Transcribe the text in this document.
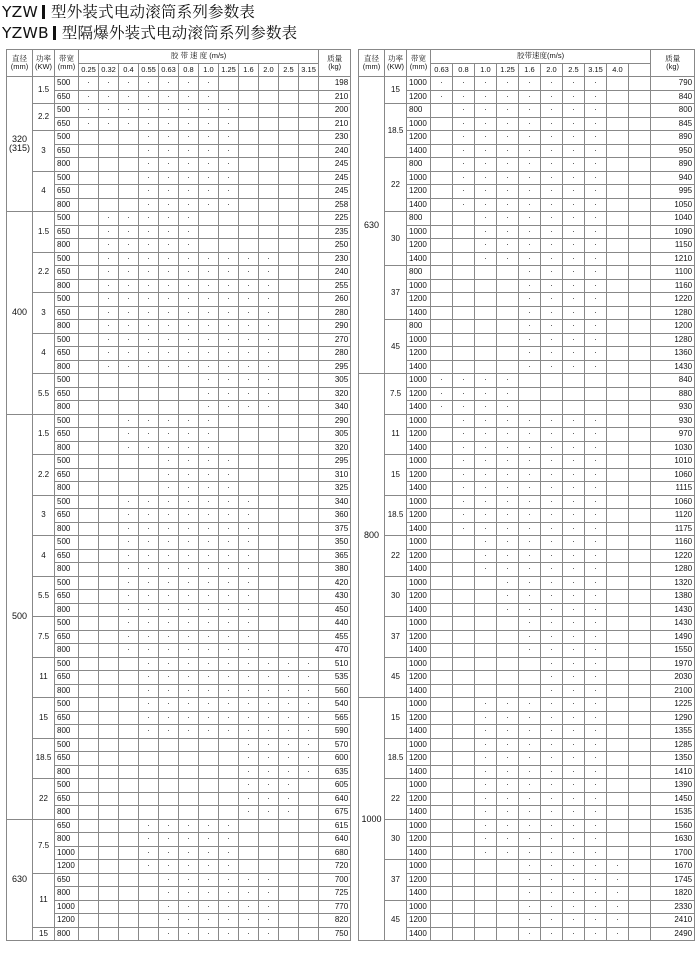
YZW 型外装式电动滚筒系列参数表
YZWB 型隔爆外装式电动滚筒系列参数表
直径
(mm)	功率
(KW)	带宽
(mm)	胶 带 速 度 (m/s)												质量
(kg)
			0.25	0.32	0.4	0.55	0.63	0.8	1.0	1.25	1.6	2.0	2.5	3.15	
320
(315)	1.5	500	·	·	·	·	·	·	·						198
		650	·	·	·	·	·	·	·						210
	2.2	500	·	·	·	·	·	·	·	·					200
		650	·	·	·	·	·	·	·	·					210
	3	500				·	·	·	·	·					230
		650				·	·	·	·	·					240
		800				·	·	·	·	·					245
	4	500				·	·	·	·	·					245
		650				·	·	·	·	·					245
		800				·	·	·	·	·					258
400	1.5	500		·	·	·	·	·							225
		650		·	·	·	·	·							235
		800		·	·	·	·	·							250
	2.2	500		·	·	·	·	·	·	·	·	·			230
		650		·	·	·	·	·	·	·	·	·			240
		800		·	·	·	·	·	·	·	·	·			255
	3	500		·	·	·	·	·	·	·	·	·			260
		650		·	·	·	·	·	·	·	·	·			280
		800		·	·	·	·	·	·	·	·	·			290
	4	500		·	·	·	·	·	·	·	·	·			270
		650		·	·	·	·	·	·	·	·	·			280
		800		·	·	·	·	·	·	·	·	·			295
	5.5	500							·	·	·	·			305
		650							·	·	·	·			320
		800							·	·	·	·			340
500	1.5	500			·	·	·	·	·						290
		650			·	·	·	·	·						305
		800			·	·	·	·	·						320
	2.2	500					·	·	·	·					295
		650					·	·	·	·					310
		800					·	·	·	·					325
	3	500			·	·	·	·	·	·	·				340
		650			·	·	·	·	·	·	·				360
		800			·	·	·	·	·	·	·				375
	4	500			·	·	·	·	·	·	·				350
		650			·	·	·	·	·	·	·				365
		800			·	·	·	·	·	·	·				380
	5.5	500			·	·	·	·	·	·	·				420
		650			·	·	·	·	·	·	·				430
		800			·	·	·	·	·	·	·				450
	7.5	500			·	·	·	·	·	·	·				440
		650			·	·	·	·	·	·	·				455
		800			·	·	·	·	·	·	·				470
	11	500				·	·	·	·	·	·	·	·	·	510
		650				·	·	·	·	·	·	·	·	·	535
		800				·	·	·	·	·	·	·	·	·	560
	15	500				·	·	·	·	·	·	·	·	·	540
		650				·	·	·	·	·	·	·	·	·	565
		800				·	·	·	·	·	·	·	·	·	590
	18.5	500									·	·	·	·	570
		650									·	·	·	·	600
		800									·	·	·	·	635
	22	500									·	·	·		605
		650									·	·	·		640
		800									·	·	·		675
630	7.5	650				·	·	·	·	·					615
		800				·	·	·	·	·					640
		1000				·	·	·	·	·					680
		1200				·	·	·	·	·					720
	11	650					·	·	·	·	·	·			700
		800					·	·	·	·	·	·			725
		1000					·	·	·	·	·	·			770
		1200					·	·	·	·	·	·			820
	15	800					·	·	·	·	·	·			750
直径
(mm)	功率
(KW)	带宽
(mm)	胶带速度(m/s)										质量
(kg)
			0.63	0.8	1.0	1.25	1.6	2.0	2.5	3.15	4.0		
630	15	1000	·	·	·	·	·	·	·	·			790
		1200	·	·	·	·	·	·	·	·			840
	18.5	800		·	·	·	·	·	·	·			800
		1000		·	·	·	·	·	·	·			845
		1200		·	·	·	·	·	·	·			890
		1400		·	·	·	·	·	·	·			950
	22	800		·	·	·	·	·	·	·			890
		1000		·	·	·	·	·	·	·			940
		1200		·	·	·	·	·	·	·			995
		1400		·	·	·	·	·	·	·			1050
	30	800			·	·	·	·	·	·			1040
		1000			·	·	·	·	·	·			1090
		1200			·	·	·	·	·	·			1150
		1400			·	·	·	·	·	·			1210
	37	800					·	·	·	·			1100
		1000					·	·	·	·			1160
		1200					·	·	·	·			1220
		1400					·	·	·	·			1280
	45	800					·	·	·	·			1200
		1000					·	·	·	·			1280
		1200					·	·	·	·			1360
		1400					·	·	·	·			1430
800	7.5	1000	·	·	·	·							840
		1200	·	·	·	·							880
		1400	·	·	·	·							930
	11	1000		·	·	·	·	·	·	·			930
		1200		·	·	·	·	·	·	·			970
		1400		·	·	·	·	·	·	·			1030
	15	1000		·	·	·	·	·	·	·			1010
		1200		·	·	·	·	·	·	·			1060
		1400		·	·	·	·	·	·	·			1115
	18.5	1000		·	·	·	·	·	·	·			1060
		1200		·	·	·	·	·	·	·			1120
		1400		·	·	·	·	·	·	·			1175
	22	1000			·	·	·	·	·	·			1160
		1200			·	·	·	·	·	·			1220
		1400			·	·	·	·	·	·			1280
	30	1000				·	·	·	·	·			1320
		1200				·	·	·	·	·			1380
		1400				·	·	·	·	·			1430
	37	1000					·	·	·	·			1430
		1200					·	·	·	·			1490
		1400					·	·	·	·			1550
	45	1000						·	·	·			1970
		1200						·	·	·			2030
		1400						·	·	·			2100
1000	15	1000			·	·	·	·	·	·			1225
		1200			·	·	·	·	·	·			1290
		1400			·	·	·	·	·	·			1355
	18.5	1000			·	·	·	·	·	·			1285
		1200			·	·	·	·	·	·			1350
		1400			·	·	·	·	·	·			1410
	22	1000			·	·	·	·	·	·			1390
		1200			·	·	·	·	·	·			1450
		1400			·	·	·	·	·	·			1535
	30	1000			·	·	·	·	·	·			1560
		1200			·	·	·	·	·	·			1630
		1400			·	·	·	·	·	·			1700
	37	1000					·	·	·	·	·		1670
		1200					·	·	·	·	·		1745
		1400					·	·	·	·	·		1820
	45	1000					·	·	·	·	·		2330
		1200					·	·	·	·	·		2410
		1400					·	·	·	·	·		2490
